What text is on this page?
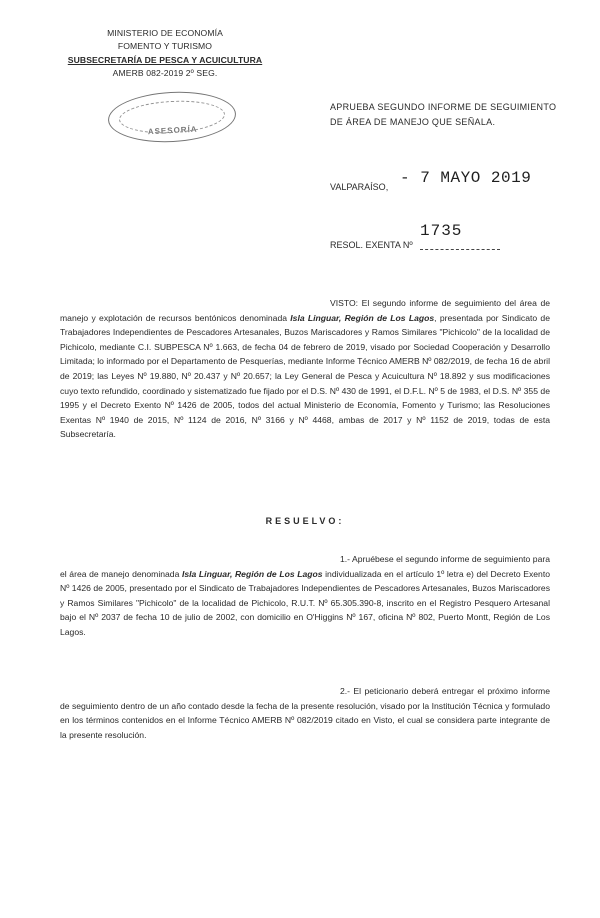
MINISTERIO DE ECONOMÍA
FOMENTO Y TURISMO
SUBSECRETARÍA DE PESCA Y ACUICULTURA
AMERB 082-2019 2º SEG.
ASESORÍA
APRUEBA SEGUNDO INFORME DE SEGUIMIENTO DE ÁREA DE MANEJO QUE SEÑALA.
VALPARAÍSO, - 7 MAYO 2019
RESOL. EXENTA Nº
1735

VISTO: El segundo informe de seguimiento del área de manejo y explotación de recursos bentónicos denominada Isla Linguar, Región de Los Lagos, presentada por Sindicato de Trabajadores Independientes de Pescadores Artesanales, Buzos Mariscadores y Ramos Similares "Pichicolo" de la localidad de Pichicolo, mediante C.I. SUBPESCA Nº 1.663, de fecha 04 de febrero de 2019, visado por Sociedad Cooperación y Desarrollo Limitada; lo informado por el Departamento de Pesquerías, mediante Informe Técnico AMERB Nº 082/2019, de fecha 16 de abril de 2019; las Leyes Nº 19.880, Nº 20.437 y Nº 20.657; la Ley General de Pesca y Acuicultura Nº 18.892 y sus modificaciones cuyo texto refundido, coordinado y sistematizado fue fijado por el D.S. Nº 430 de 1991, el D.F.L. Nº 5 de 1983, el D.S. Nº 355 de 1995 y el Decreto Exento Nº 1426 de 2005, todos del actual Ministerio de Economía, Fomento y Turismo; las Resoluciones Exentas Nº 1940 de 2015, Nº 1124 de 2016, Nº 3166 y Nº 4468, ambas de 2017 y Nº 1152 de 2019, todas de esta Subsecretaría.

RESUELVO:

1.- Apruébese el segundo informe de seguimiento para el área de manejo denominada Isla Linguar, Región de Los Lagos individualizada en el artículo 1º letra e) del Decreto Exento Nº 1426 de 2005, presentado por el Sindicato de Trabajadores Independientes de Pescadores Artesanales, Buzos Mariscadores y Ramos Similares "Pichicolo" de la localidad de Pichicolo, R.U.T. Nº 65.305.390-8, inscrito en el Registro Pesquero Artesanal bajo el Nº 2037 de fecha 10 de julio de 2002, con domicilio en O'Higgins Nº 167, oficina Nº 802, Puerto Montt, Región de Los Lagos.

2.- El peticionario deberá entregar el próximo informe de seguimiento dentro de un año contado desde la fecha de la presente resolución, visado por la Institución Técnica y formulado en los términos contenidos en el Informe Técnico AMERB Nº 082/2019 citado en Visto, el cual se considera parte integrante de la presente resolución.
